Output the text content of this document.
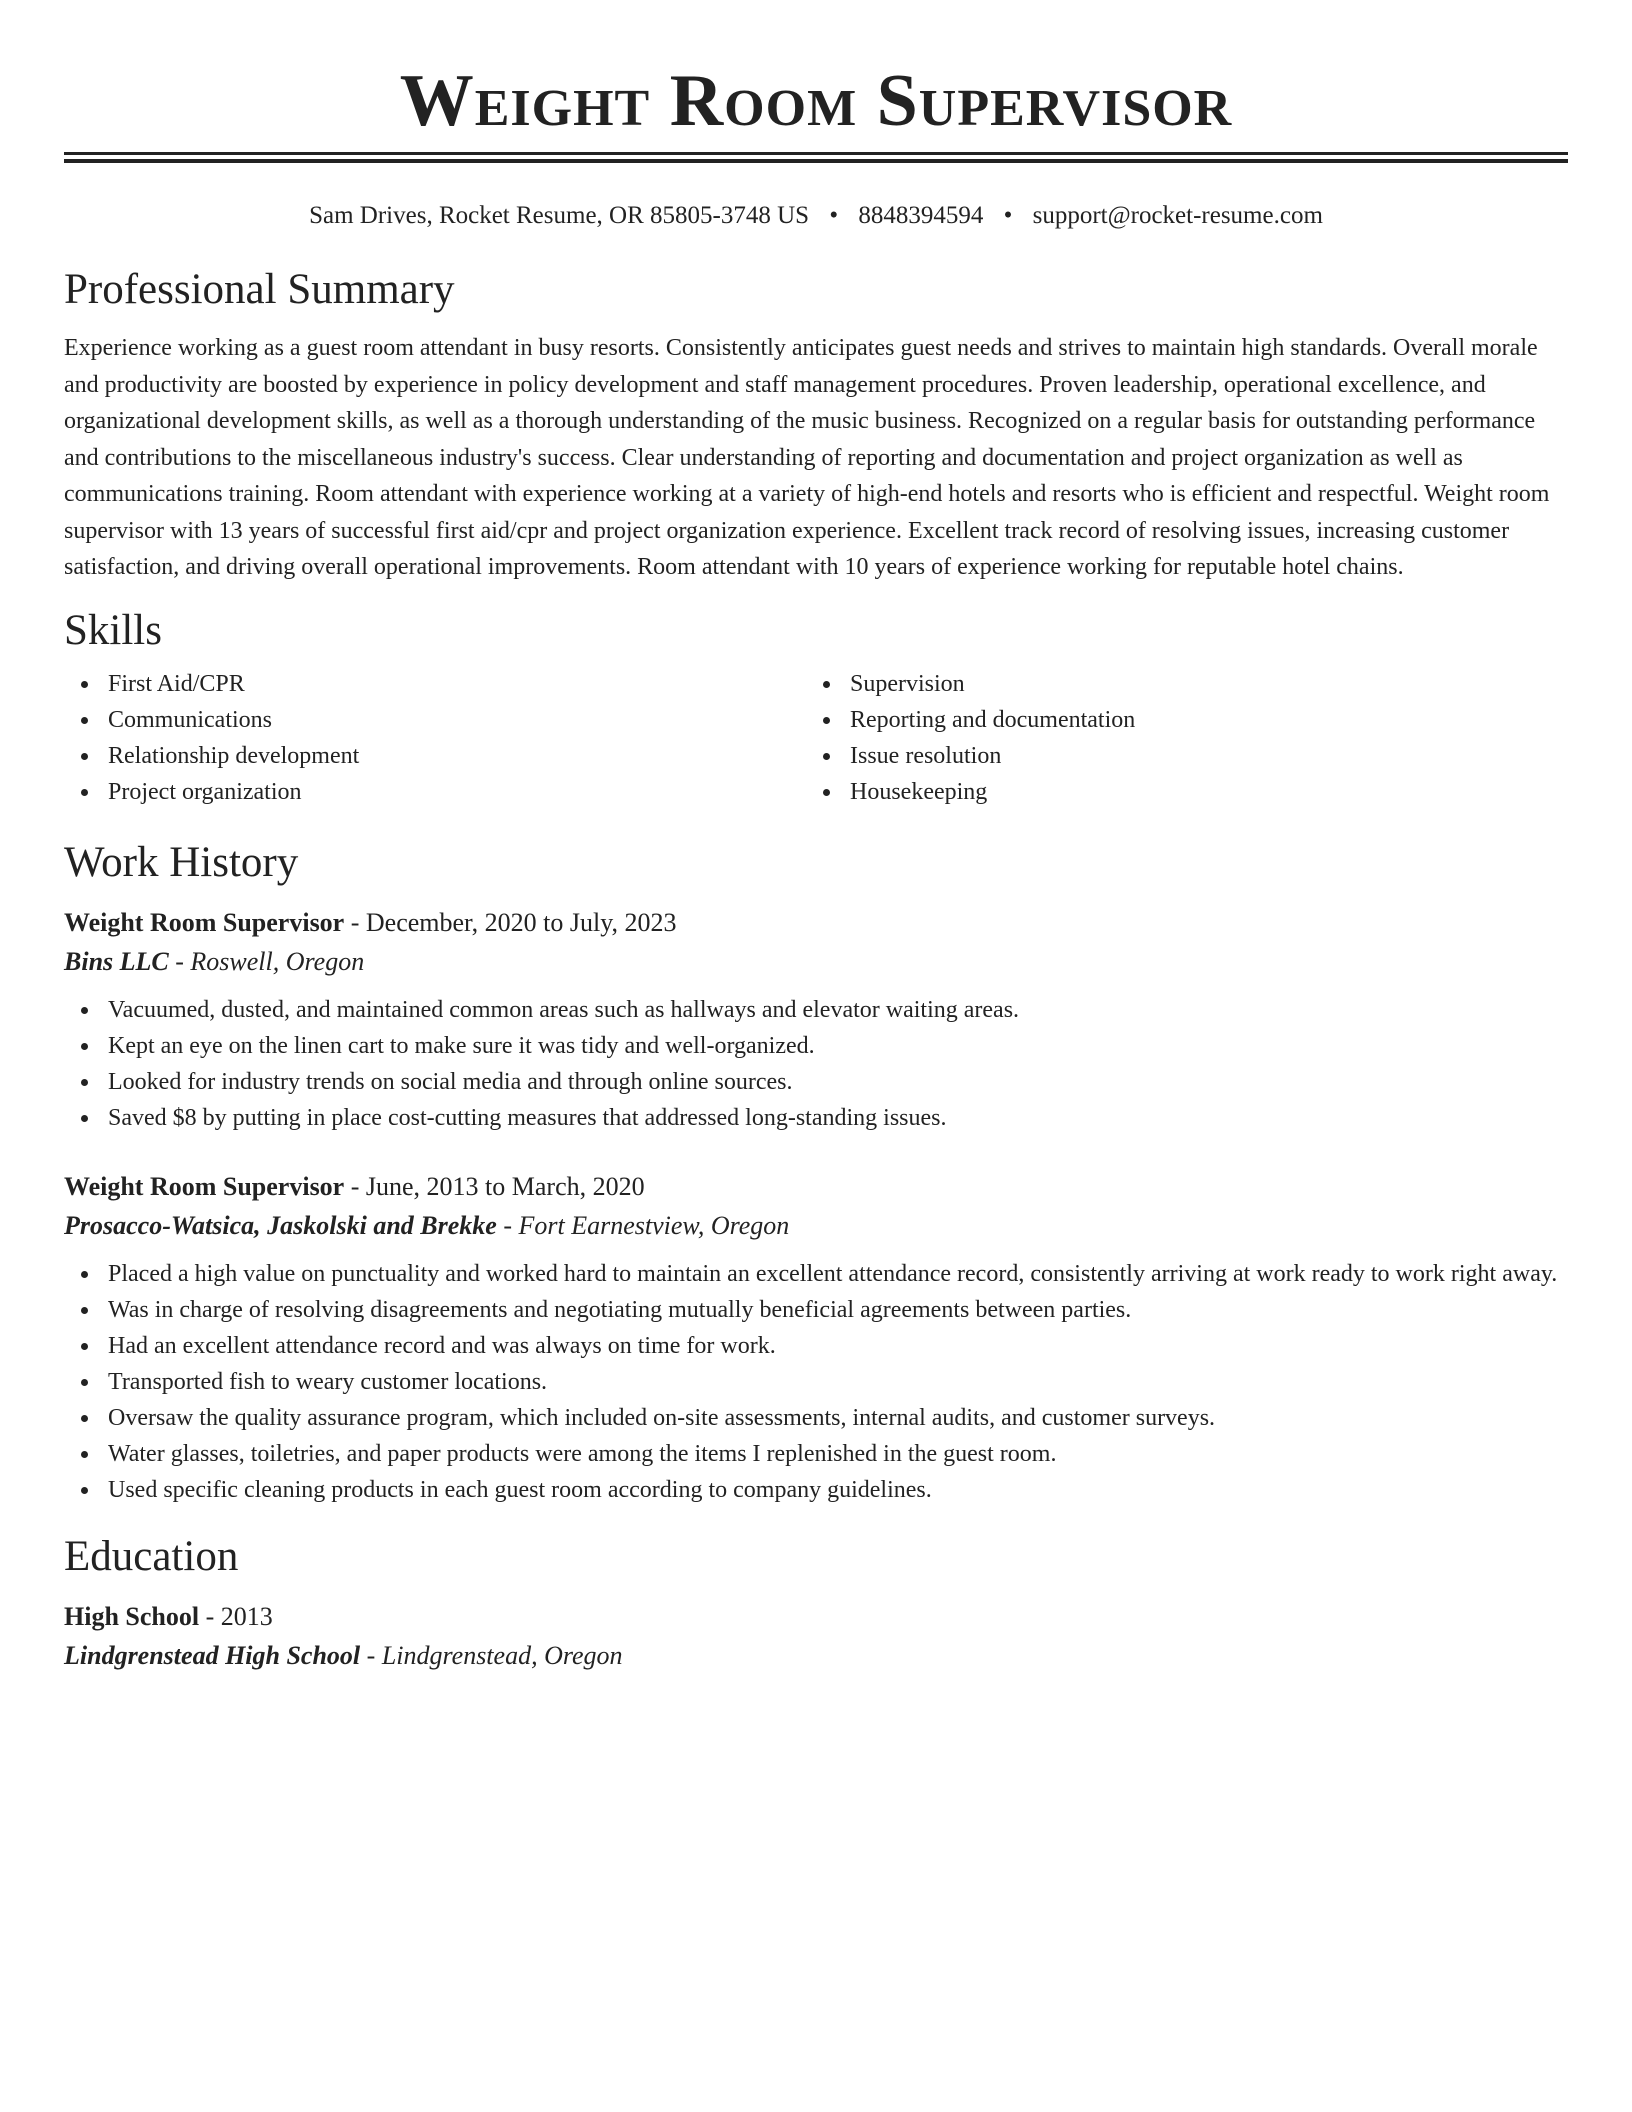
Weight Room Supervisor
Sam Drives, Rocket Resume, OR 85805-3748 US • 8848394594 • support@rocket-resume.com
Professional Summary

Experience working as a guest room attendant in busy resorts. Consistently anticipates guest needs and strives to maintain high standards. Overall morale and productivity are boosted by experience in policy development and staff management procedures. Proven leadership, operational excellence, and organizational development skills, as well as a thorough understanding of the music business. Recognized on a regular basis for outstanding performance and contributions to the miscellaneous industry's success. Clear understanding of reporting and documentation and project organization as well as communications training. Room attendant with experience working at a variety of high-end hotels and resorts who is efficient and respectful. Weight room supervisor with 13 years of successful first aid/cpr and project organization experience. Excellent track record of resolving issues, increasing customer satisfaction, and driving overall operational improvements. Room attendant with 10 years of experience working for reputable hotel chains.

Skills
First Aid/CPR
Communications
Relationship development
Project organization
Supervision
Reporting and documentation
Issue resolution
Housekeeping
Work History
Weight Room Supervisor - December, 2020 to July, 2023
Bins LLC - Roswell, Oregon
Vacuumed, dusted, and maintained common areas such as hallways and elevator waiting areas.
Kept an eye on the linen cart to make sure it was tidy and well-organized.
Looked for industry trends on social media and through online sources.
Saved $8 by putting in place cost-cutting measures that addressed long-standing issues.
Weight Room Supervisor - June, 2013 to March, 2020
Prosacco-Watsica, Jaskolski and Brekke - Fort Earnestview, Oregon
Placed a high value on punctuality and worked hard to maintain an excellent attendance record, consistently arriving at work ready to work right away.
Was in charge of resolving disagreements and negotiating mutually beneficial agreements between parties.
Had an excellent attendance record and was always on time for work.
Transported fish to weary customer locations.
Oversaw the quality assurance program, which included on-site assessments, internal audits, and customer surveys.
Water glasses, toiletries, and paper products were among the items I replenished in the guest room.
Used specific cleaning products in each guest room according to company guidelines.
Education
High School - 2013
Lindgrenstead High School - Lindgrenstead, Oregon
